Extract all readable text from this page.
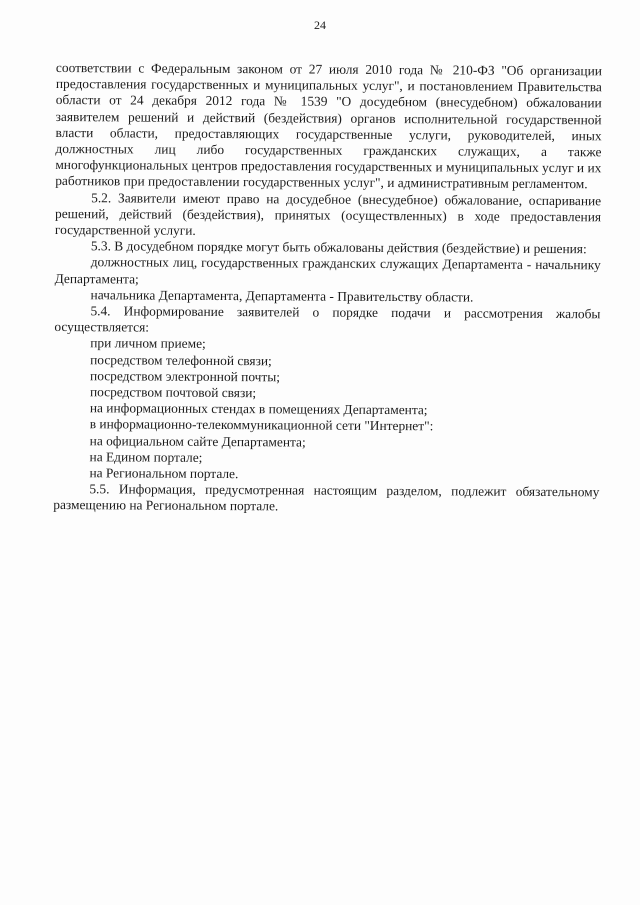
24

соответствии с Федеральным законом от 27 июля 2010 года № 210-ФЗ "Об организации предоставления государственных и муниципальных услуг", и постановлением Правительства области от 24 декабря 2012 года № 1539 "О досудебном (внесудебном) обжаловании заявителем решений и действий (бездействия) органов исполнительной государственной власти области, предоставляющих государственные услуги, руководителей, иных должностных лиц либо государственных гражданских служащих, а также многофункциональных центров предоставления государственных и муниципальных услуг и их работников при предоставлении государственных услуг", и административным регламентом.

5.2. Заявители имеют право на досудебное (внесудебное) обжалование, оспаривание решений, действий (бездействия), принятых (осуществленных) в ходе предоставления государственной услуги.

5.3. В досудебном порядке могут быть обжалованы действия (бездействие) и решения:

должностных лиц, государственных гражданских служащих Департамента - начальнику Департамента;

начальника Департамента, Департамента - Правительству области.

5.4. Информирование заявителей о порядке подачи и рассмотрения жалобы осуществляется:

при личном приеме;

посредством телефонной связи;

посредством электронной почты;

посредством почтовой связи;

на информационных стендах в помещениях Департамента;

в информационно-телекоммуникационной сети "Интернет":

на официальном сайте Департамента;

на Едином портале;

на Региональном портале.

5.5. Информация, предусмотренная настоящим разделом, подлежит обязательному размещению на Региональном портале.
